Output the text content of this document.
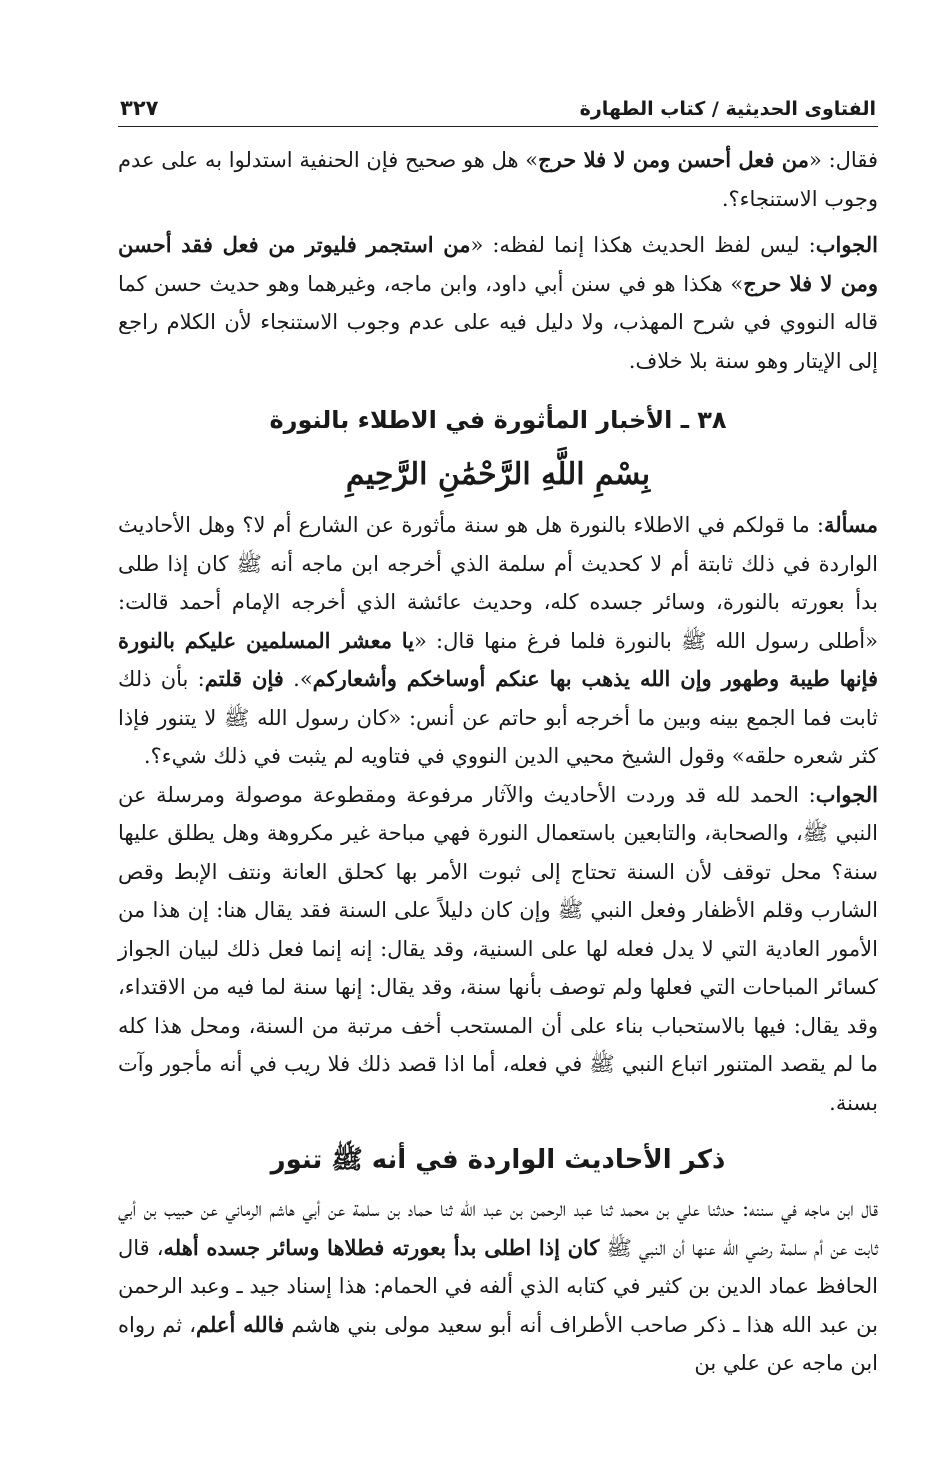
الفتاوى الحديثية / كتاب الطهارة
٣٢٧

فقال: «من فعل أحسن ومن لا فلا حرج» هل هو صحيح فإن الحنفية استدلوا به على عدم وجوب الاستنجاء؟.

الجواب: ليس لفظ الحديث هكذا إنما لفظه: «من استجمر فليوتر من فعل فقد أحسن ومن لا فلا حرج» هكذا هو في سنن أبي داود، وابن ماجه، وغيرهما وهو حديث حسن كما قاله النووي في شرح المهذب، ولا دليل فيه على عدم وجوب الاستنجاء لأن الكلام راجع إلى الإيتار وهو سنة بلا خلاف.

٣٨ ـ الأخبار المأثورة في الاطلاء بالنورة
بِسْمِ اللَّهِ الرَّحْمَٰنِ الرَّحِيمِ

مسألة: ما قولكم في الاطلاء بالنورة هل هو سنة مأثورة عن الشارع أم لا؟ وهل الأحاديث الواردة في ذلك ثابتة أم لا كحديث أم سلمة الذي أخرجه ابن ماجه أنه ﷺ كان إذا طلى بدأ بعورته بالنورة، وسائر جسده كله، وحديث عائشة الذي أخرجه الإمام أحمد قالت: «أطلى رسول الله ﷺ بالنورة فلما فرغ منها قال: «يا معشر المسلمين عليكم بالنورة فإنها طيبة وطهور وإن الله يذهب بها عنكم أوساخكم وأشعاركم». فإن قلتم: بأن ذلك ثابت فما الجمع بينه وبين ما أخرجه أبو حاتم عن أنس: «كان رسول الله ﷺ لا يتنور فإذا كثر شعره حلقه» وقول الشيخ محيي الدين النووي في فتاويه لم يثبت في ذلك شيء؟.

الجواب: الحمد لله قد وردت الأحاديث والآثار مرفوعة ومقطوعة موصولة ومرسلة عن النبي ﷺ، والصحابة، والتابعين باستعمال النورة فهي مباحة غير مكروهة وهل يطلق عليها سنة؟ محل توقف لأن السنة تحتاج إلى ثبوت الأمر بها كحلق العانة ونتف الإبط وقص الشارب وقلم الأظفار وفعل النبي ﷺ وإن كان دليلاً على السنة فقد يقال هنا: إن هذا من الأمور العادية التي لا يدل فعله لها على السنية، وقد يقال: إنه إنما فعل ذلك لبيان الجواز كسائر المباحات التي فعلها ولم توصف بأنها سنة، وقد يقال: إنها سنة لما فيه من الاقتداء، وقد يقال: فيها بالاستحباب بناء على أن المستحب أخف مرتبة من السنة، ومحل هذا كله ما لم يقصد المتنور اتباع النبي ﷺ في فعله، أما اذا قصد ذلك فلا ريب في أنه مأجور وآت بسنة.

ذكر الأحاديث الواردة في أنه ﷺ تنور

قال ابن ماجه في سننه: حدثنا علي بن محمد ثنا عبد الرحمن بن عبد الله ثنا حماد بن سلمة عن أبي هاشم الرماني عن حبيب بن أبي ثابت عن أم سلمة رضي الله عنها أن النبي ﷺ كان إذا اطلى بدأ بعورته فطلاها وسائر جسده أهله، قال الحافظ عماد الدين بن كثير في كتابه الذي ألفه في الحمام: هذا إسناد جيد ـ وعبد الرحمن بن عبد الله هذا ـ ذكر صاحب الأطراف أنه أبو سعيد مولى بني هاشم فالله أعلم، ثم رواه ابن ماجه عن علي بن
